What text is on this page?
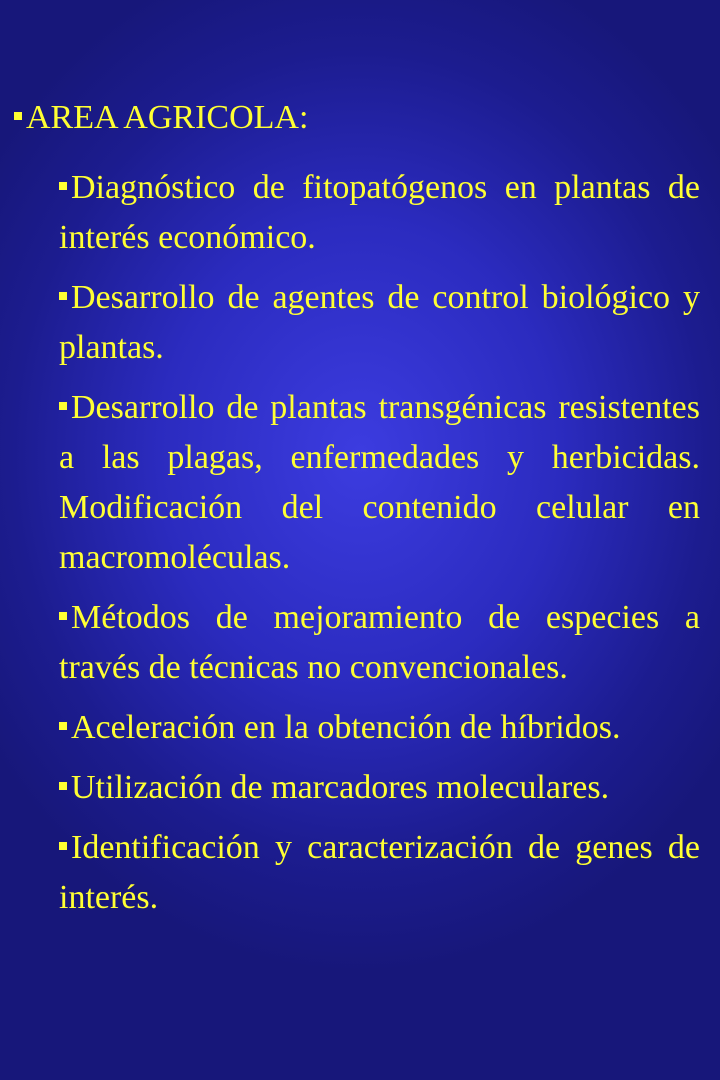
AREA AGRICOLA:
Diagnóstico de fitopatógenos en plantas de interés económico.
Desarrollo de agentes de control biológico y plantas.
Desarrollo de plantas transgénicas resistentes a las plagas, enfermedades y herbicidas. Modificación del contenido celular en macromoléculas.
Métodos de mejoramiento de especies a través de técnicas no convencionales.
Aceleración en la obtención de híbridos.
Utilización de marcadores moleculares.
Identificación y caracterización de genes de interés.
